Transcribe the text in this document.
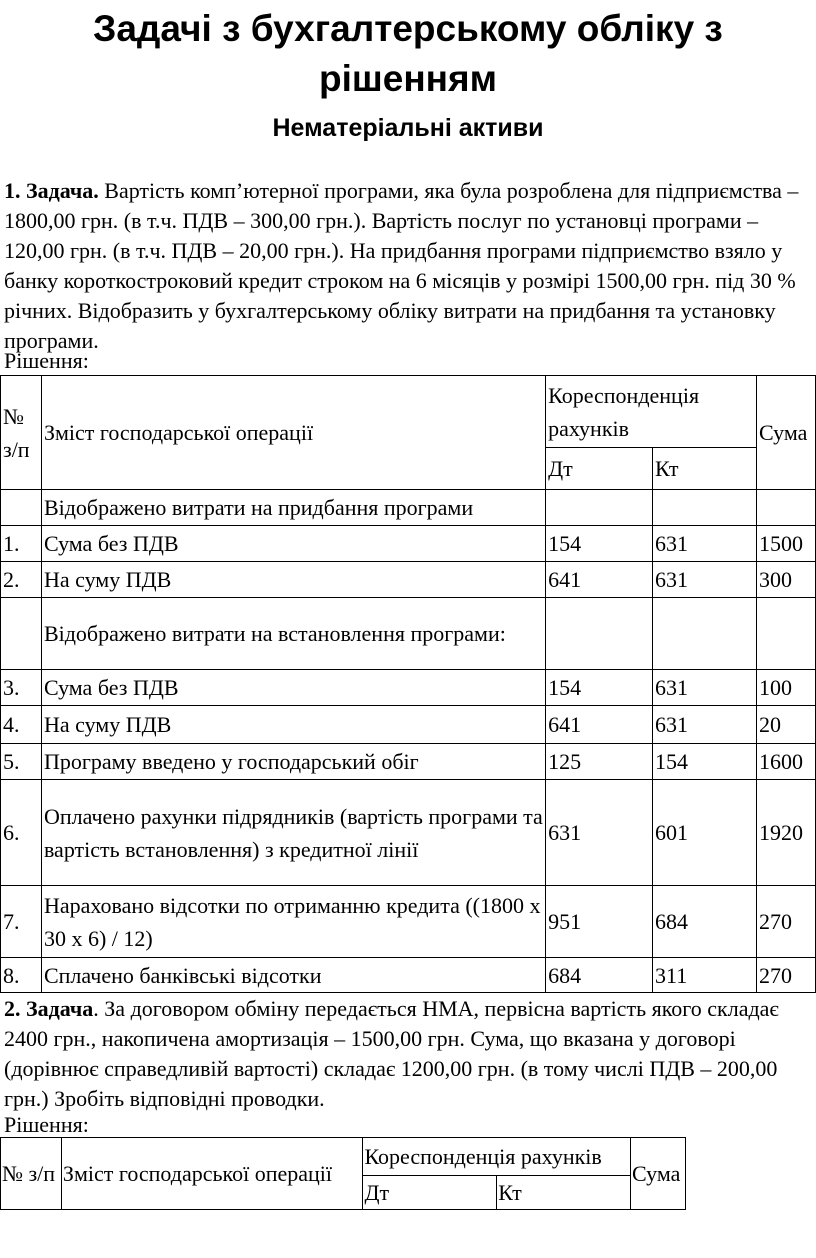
Задачі з бухгалтерському обліку з рішенням
Нематеріальні активи
1. Задача. Вартість комп’ютерної програми, яка була розроблена для підприємства – 1800,00 грн. (в т.ч. ПДВ – 300,00 грн.). Вартість послуг по установці програми – 120,00 грн. (в т.ч. ПДВ – 20,00 грн.). На придбання програми підприємство взяло у банку короткостроковий кредит строком на 6 місяців у розмірі 1500,00 грн. під 30 % річних. Відобразить у бухгалтерському обліку витрати на придбання та установку програми.
Рішення:
№ з/п	Зміст господарської операції	Кореспонденція рахунків		Сума
		Дт	Кт	
	Відображено витрати на придбання програми			
1.	Сума без ПДВ	154	631	1500
2.	На суму ПДВ	641	631	300
	Відображено витрати на встановлення програми:			
3.	Сума без ПДВ	154	631	100
4.	На суму ПДВ	641	631	20
5.	Програму введено у господарський обіг	125	154	1600
6.	Оплачено рахунки підрядників (вартість програми та вартість встановлення) з кредитної лінії	631	601	1920
7.	Нараховано відсотки по отриманню кредита ((1800 х 30 х 6) / 12)	951	684	270
8.	Сплачено банківські відсотки	684	311	270
2. Задача. За договором обміну передається НМА, первісна вартість якого складає 2400 грн., накопичена амортизація – 1500,00 грн. Сума, що вказана у договорі (дорівнює справедливій вартості) складає 1200,00 грн. (в тому числі ПДВ – 200,00 грн.) Зробіть відповідні проводки.
Рішення:
№ з/п	Зміст господарської операції	Кореспонденція рахунків		Сума
		Дт	Кт	
